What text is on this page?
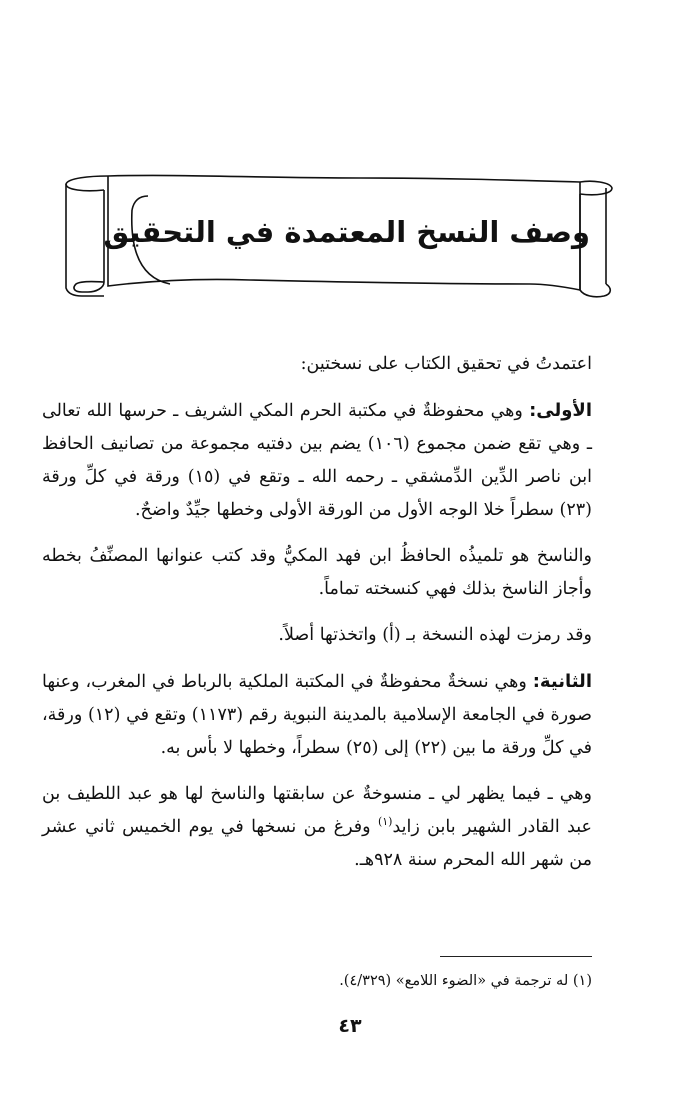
وصف النسخ المعتمدة في التحقيق

اعتمدتُ في تحقيق الكتاب على نسختين:

الأولى: وهي محفوظةٌ في مكتبة الحرم المكي الشريف ـ حرسها الله تعالى ـ وهي تقع ضمن مجموع (١٠٦) يضم بين دفتيه مجموعة من تصانيف الحافظ ابن ناصر الدِّين الدِّمشقي ـ رحمه الله ـ وتقع في (١٥) ورقة في كلِّ ورقة (٢٣) سطراً خلا الوجه الأول من الورقة الأولى وخطها جيِّدٌ واضحٌ.

والناسخ هو تلميذُه الحافظُ ابن فهد المكيُّ وقد كتب عنوانها المصنِّفُ بخطه وأجاز الناسخ بذلك فهي كنسخته تماماً.

وقد رمزت لهذه النسخة بـ (أ) واتخذتها أصلاً.

الثانية: وهي نسخةٌ محفوظةٌ في المكتبة الملكية بالرباط في المغرب، وعنها صورة في الجامعة الإسلامية بالمدينة النبوية رقم (١١٧٣) وتقع في (١٢) ورقة، في كلِّ ورقة ما بين (٢٢) إلى (٢٥) سطراً، وخطها لا بأس به.

وهي ـ فيما يظهر لي ـ منسوخةٌ عن سابقتها والناسخ لها هو عبد اللطيف بن عبد القادر الشهير بابن زايد$^{(١)}$ وفرغ من نسخها في يوم الخميس ثاني عشر من شهر الله المحرم سنة ٩٢٨هـ.

(١) له ترجمة في «الضوء اللامع» (٤/٣٢٩).
٤٣
